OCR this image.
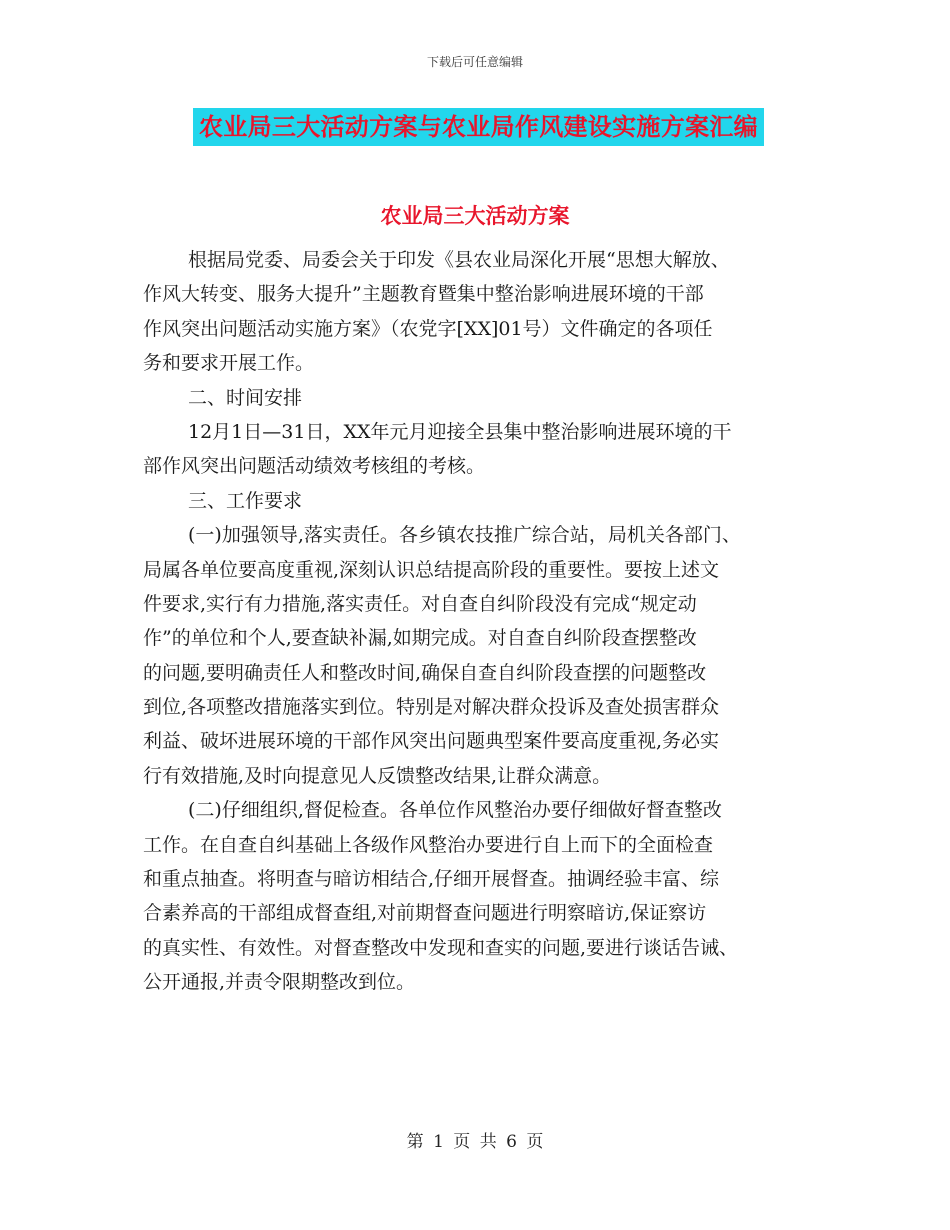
下载后可任意编辑
农业局三大活动方案与农业局作风建设实施方案汇编
农业局三大活动方案
根据局党委、局委会关于印发《县农业局深化开展“思想大解放、
作风大转变、服务大提升”主题教育暨集中整治影响进展环境的干部
作风突出问题活动实施方案》（农党字[XX]01号）文件确定的各项任
务和要求开展工作。
二、时间安排
12月1日—31日，XX年元月迎接全县集中整治影响进展环境的干
部作风突出问题活动绩效考核组的考核。
三、工作要求
(一)加强领导,落实责任。各乡镇农技推广综合站，局机关各部门、
局属各单位要高度重视,深刻认识总结提高阶段的重要性。要按上述文
件要求,实行有力措施,落实责任。对自查自纠阶段没有完成“规定动
作”的单位和个人,要查缺补漏,如期完成。对自查自纠阶段查摆整改
的问题,要明确责任人和整改时间,确保自查自纠阶段查摆的问题整改
到位,各项整改措施落实到位。特别是对解决群众投诉及查处损害群众
利益、破坏进展环境的干部作风突出问题典型案件要高度重视,务必实
行有效措施,及时向提意见人反馈整改结果,让群众满意。
(二)仔细组织,督促检查。各单位作风整治办要仔细做好督查整改
工作。在自查自纠基础上各级作风整治办要进行自上而下的全面检查
和重点抽查。将明查与暗访相结合,仔细开展督查。抽调经验丰富、综
合素养高的干部组成督查组,对前期督查问题进行明察暗访,保证察访
的真实性、有效性。对督查整改中发现和查实的问题,要进行谈话告诫、
公开通报,并责令限期整改到位。
第 1 页 共 6 页
